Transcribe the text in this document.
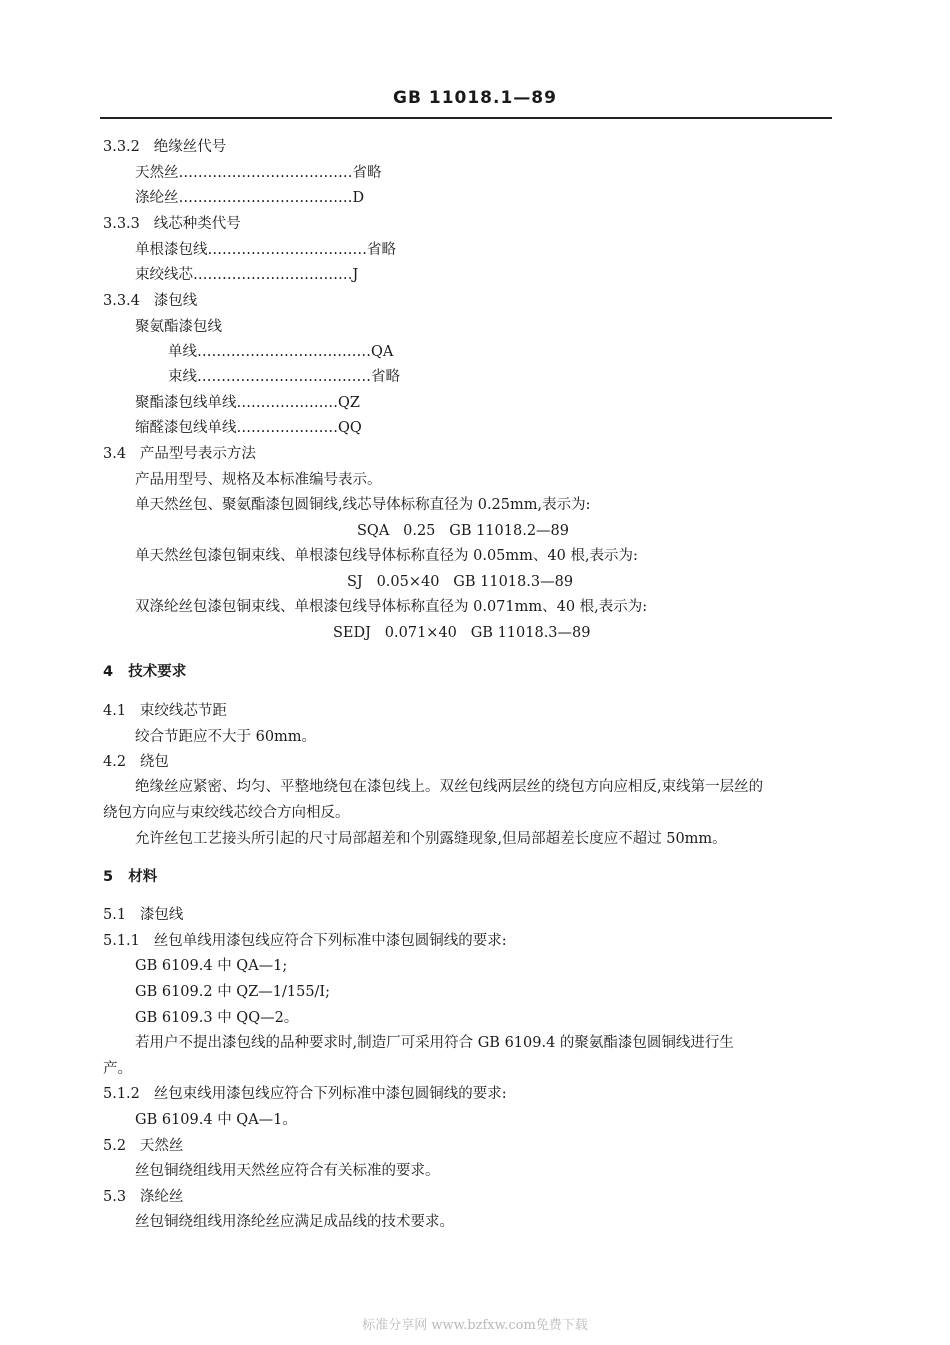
GB 11018.1—89
3.3.2 绝缘丝代号
天然丝………………………………省略
涤纶丝………………………………D
3.3.3 线芯种类代号
单根漆包线……………………………省略
束绞线芯……………………………J
3.3.4 漆包线
聚氨酯漆包线
单线………………………………QA
束线………………………………省略
聚酯漆包线单线…………………QZ
缩醛漆包线单线…………………QQ
3.4 产品型号表示方法
产品用型号、规格及本标准编号表示。
单天然丝包、聚氨酯漆包圆铜线,线芯导体标称直径为 0.25mm,表示为:
SQA   0.25   GB 11018.2—89
单天然丝包漆包铜束线、单根漆包线导体标称直径为 0.05mm、40 根,表示为:
SJ   0.05×40   GB 11018.3—89
双涤纶丝包漆包铜束线、单根漆包线导体标称直径为 0.071mm、40 根,表示为:
SEDJ   0.071×40   GB 11018.3—89
4 技术要求
4.1 束绞线芯节距
绞合节距应不大于 60mm。
4.2 绕包
绝缘丝应紧密、均匀、平整地绕包在漆包线上。双丝包线两层丝的绕包方向应相反,束线第一层丝的
绕包方向应与束绞线芯绞合方向相反。
允许丝包工艺接头所引起的尺寸局部超差和个别露缝现象,但局部超差长度应不超过 50mm。
5 材料
5.1 漆包线
5.1.1 丝包单线用漆包线应符合下列标准中漆包圆铜线的要求:
GB 6109.4 中 QA—1;
GB 6109.2 中 QZ—1/155/I;
GB 6109.3 中 QQ—2。
若用户不提出漆包线的品种要求时,制造厂可采用符合 GB 6109.4 的聚氨酯漆包圆铜线进行生
产。
5.1.2 丝包束线用漆包线应符合下列标准中漆包圆铜线的要求:
GB 6109.4 中 QA—1。
5.2 天然丝
丝包铜绕组线用天然丝应符合有关标准的要求。
5.3 涤纶丝
丝包铜绕组线用涤纶丝应满足成品线的技术要求。
标准分享网 www.bzfxw.com免费下载
